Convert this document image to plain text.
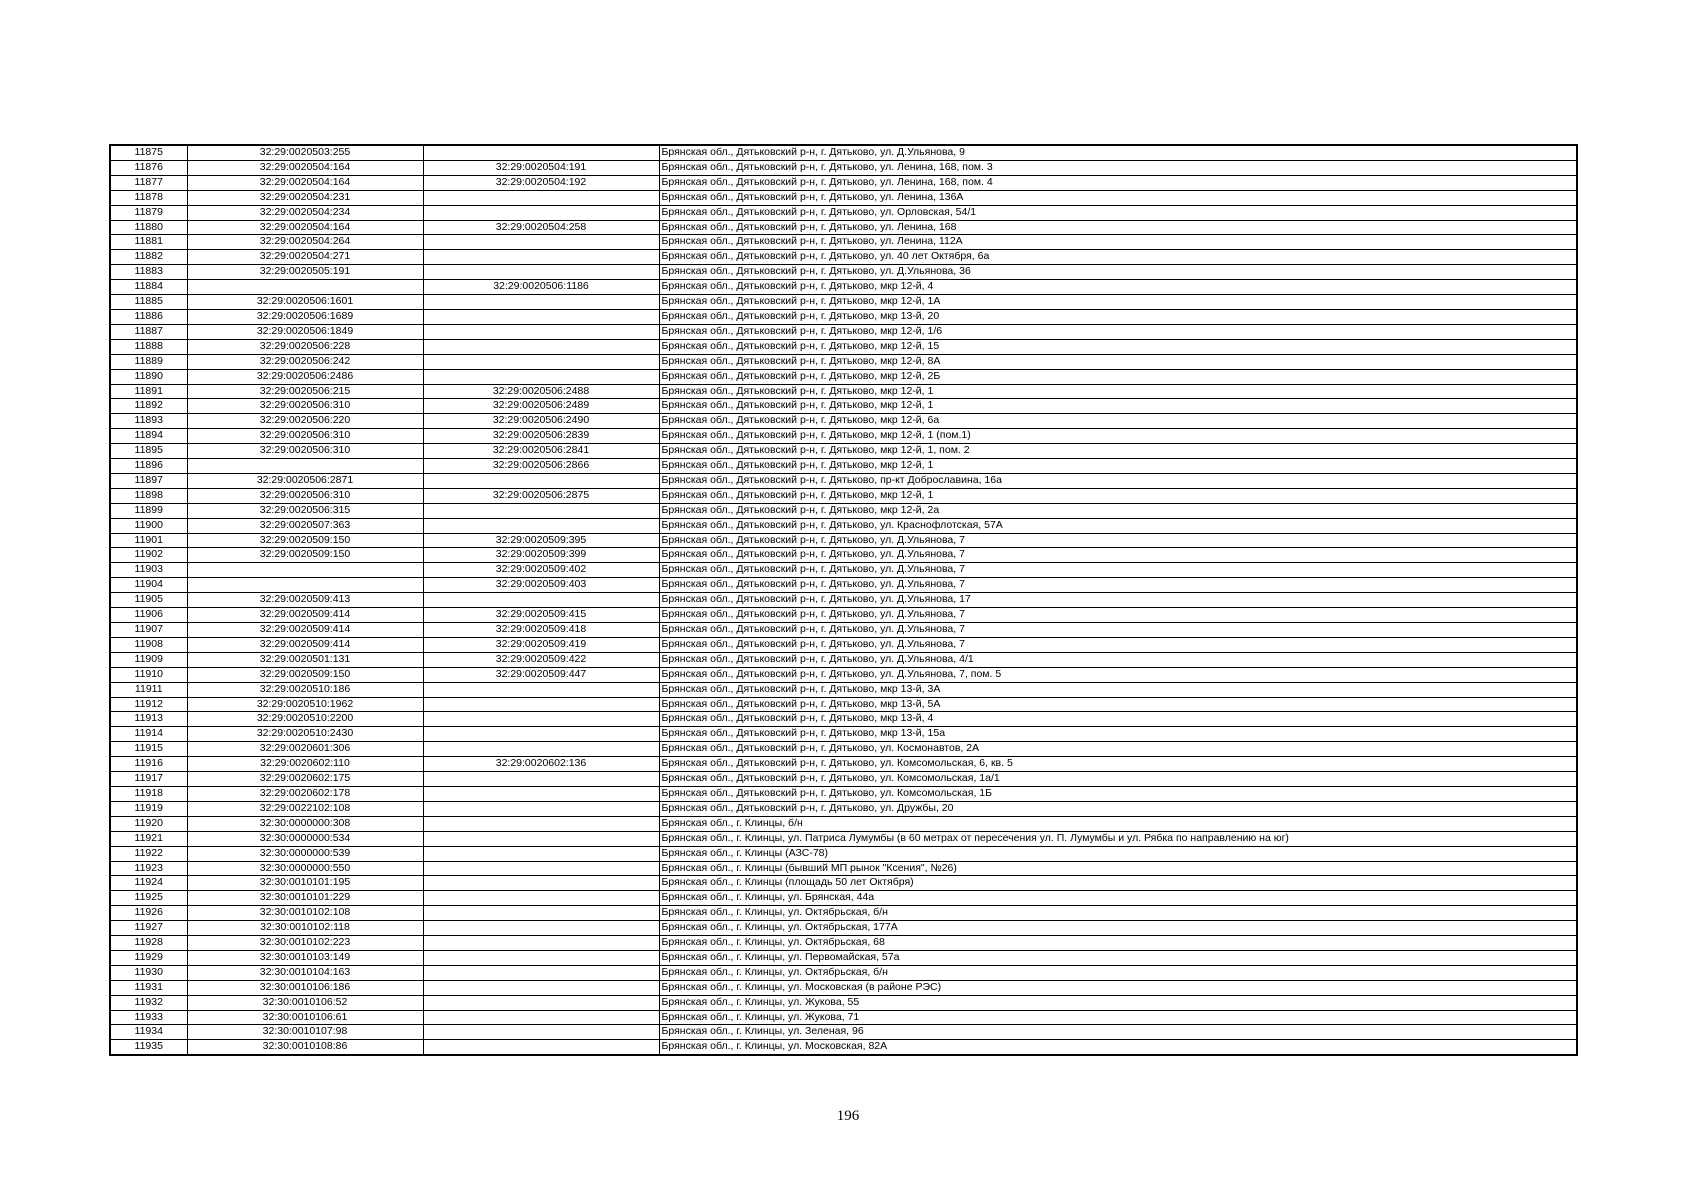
11875	32:29:0020503:255		Брянская обл., Дятьковский р-н, г. Дятьково, ул. Д.Ульянова, 9
11876	32:29:0020504:164	32:29:0020504:191	Брянская обл., Дятьковский р-н, г. Дятьково, ул. Ленина, 168, пом. 3
11877	32:29:0020504:164	32:29:0020504:192	Брянская обл., Дятьковский р-н, г. Дятьково, ул. Ленина, 168, пом. 4
11878	32:29:0020504:231		Брянская обл., Дятьковский р-н, г. Дятьково, ул. Ленина, 136А
11879	32:29:0020504:234		Брянская обл., Дятьковский р-н, г. Дятьково, ул. Орловская, 54/1
11880	32:29:0020504:164	32:29:0020504:258	Брянская обл., Дятьковский р-н, г. Дятьково, ул. Ленина, 168
11881	32:29:0020504:264		Брянская обл., Дятьковский р-н, г. Дятьково, ул. Ленина, 112А
11882	32:29:0020504:271		Брянская обл., Дятьковский р-н, г. Дятьково, ул. 40 лет Октября, 6а
11883	32:29:0020505:191		Брянская обл., Дятьковский р-н, г. Дятьково, ул. Д.Ульянова, 36
11884		32:29:0020506:1186	Брянская обл., Дятьковский р-н, г. Дятьково, мкр 12-й, 4
11885	32:29:0020506:1601		Брянская обл., Дятьковский р-н, г. Дятьково, мкр 12-й, 1А
11886	32:29:0020506:1689		Брянская обл., Дятьковский р-н, г. Дятьково, мкр 13-й, 20
11887	32:29:0020506:1849		Брянская обл., Дятьковский р-н, г. Дятьково, мкр 12-й, 1/6
11888	32:29:0020506:228		Брянская обл., Дятьковский р-н, г. Дятьково, мкр 12-й, 15
11889	32:29:0020506:242		Брянская обл., Дятьковский р-н, г. Дятьково, мкр 12-й, 8А
11890	32:29:0020506:2486		Брянская обл., Дятьковский р-н, г. Дятьково, мкр 12-й, 2Б
11891	32:29:0020506:215	32:29:0020506:2488	Брянская обл., Дятьковский р-н, г. Дятьково, мкр 12-й, 1
11892	32:29:0020506:310	32:29:0020506:2489	Брянская обл., Дятьковский р-н, г. Дятьково, мкр 12-й, 1
11893	32:29:0020506:220	32:29:0020506:2490	Брянская обл., Дятьковский р-н, г. Дятьково, мкр 12-й, 6а
11894	32:29:0020506:310	32:29:0020506:2839	Брянская обл., Дятьковский р-н, г. Дятьково, мкр 12-й, 1 (пом.1)
11895	32:29:0020506:310	32:29:0020506:2841	Брянская обл., Дятьковский р-н, г. Дятьково, мкр 12-й, 1, пом. 2
11896		32:29:0020506:2866	Брянская обл., Дятьковский р-н, г. Дятьково, мкр 12-й, 1
11897	32:29:0020506:2871		Брянская обл., Дятьковский р-н, г. Дятьково, пр-кт Доброславина, 16а
11898	32:29:0020506:310	32:29:0020506:2875	Брянская обл., Дятьковский р-н, г. Дятьково, мкр 12-й, 1
11899	32:29:0020506:315		Брянская обл., Дятьковский р-н, г. Дятьково, мкр 12-й, 2а
11900	32:29:0020507:363		Брянская обл., Дятьковский р-н, г. Дятьково, ул. Краснофлотская, 57А
11901	32:29:0020509:150	32:29:0020509:395	Брянская обл., Дятьковский р-н, г. Дятьково, ул. Д.Ульянова, 7
11902	32:29:0020509:150	32:29:0020509:399	Брянская обл., Дятьковский р-н, г. Дятьково, ул. Д.Ульянова, 7
11903		32:29:0020509:402	Брянская обл., Дятьковский р-н, г. Дятьково, ул. Д.Ульянова, 7
11904		32:29:0020509:403	Брянская обл., Дятьковский р-н, г. Дятьково, ул. Д.Ульянова, 7
11905	32:29:0020509:413		Брянская обл., Дятьковский р-н, г. Дятьково, ул. Д.Ульянова, 17
11906	32:29:0020509:414	32:29:0020509:415	Брянская обл., Дятьковский р-н, г. Дятьково, ул. Д.Ульянова, 7
11907	32:29:0020509:414	32:29:0020509:418	Брянская обл., Дятьковский р-н, г. Дятьково, ул. Д.Ульянова, 7
11908	32:29:0020509:414	32:29:0020509:419	Брянская обл., Дятьковский р-н, г. Дятьково, ул. Д.Ульянова, 7
11909	32:29:0020501:131	32:29:0020509:422	Брянская обл., Дятьковский р-н, г. Дятьково, ул. Д.Ульянова, 4/1
11910	32:29:0020509:150	32:29:0020509:447	Брянская обл., Дятьковский р-н, г. Дятьково, ул. Д.Ульянова, 7, пом. 5
11911	32:29:0020510:186		Брянская обл., Дятьковский р-н, г. Дятьково, мкр 13-й, 3А
11912	32:29:0020510:1962		Брянская обл., Дятьковский р-н, г. Дятьково, мкр 13-й, 5А
11913	32:29:0020510:2200		Брянская обл., Дятьковский р-н, г. Дятьково, мкр 13-й, 4
11914	32:29:0020510:2430		Брянская обл., Дятьковский р-н, г. Дятьково, мкр 13-й, 15а
11915	32:29:0020601:306		Брянская обл., Дятьковский р-н, г. Дятьково, ул. Космонавтов, 2А
11916	32:29:0020602:110	32:29:0020602:136	Брянская обл., Дятьковский р-н, г. Дятьково, ул. Комсомольская, 6, кв. 5
11917	32:29:0020602:175		Брянская обл., Дятьковский р-н, г. Дятьково, ул. Комсомольская, 1а/1
11918	32:29:0020602:178		Брянская обл., Дятьковский р-н, г. Дятьково, ул. Комсомольская, 1Б
11919	32:29:0022102:108		Брянская обл., Дятьковский р-н, г. Дятьково, ул. Дружбы, 20
11920	32:30:0000000:308		Брянская обл., г. Клинцы, б/н
11921	32:30:0000000:534		Брянская обл., г. Клинцы, ул. Патриса Лумумбы (в 60 метрах от пересечения ул. П. Лумумбы и ул. Рябка по направлению на юг)
11922	32:30:0000000:539		Брянская обл., г. Клинцы (АЗС-78)
11923	32:30:0000000:550		Брянская обл., г. Клинцы (бывший МП рынок "Ксения", №26)
11924	32:30:0010101:195		Брянская обл., г. Клинцы (площадь 50 лет Октября)
11925	32:30:0010101:229		Брянская обл., г. Клинцы, ул. Брянская, 44а
11926	32:30:0010102:108		Брянская обл., г. Клинцы, ул. Октябрьская, б/н
11927	32:30:0010102:118		Брянская обл., г. Клинцы, ул. Октябрьская, 177А
11928	32:30:0010102:223		Брянская обл., г. Клинцы, ул. Октябрьская, 68
11929	32:30:0010103:149		Брянская обл., г. Клинцы, ул. Первомайская, 57а
11930	32:30:0010104:163		Брянская обл., г. Клинцы, ул. Октябрьская, б/н
11931	32:30:0010106:186		Брянская обл., г. Клинцы, ул. Московская (в районе РЭС)
11932	32:30:0010106:52		Брянская обл., г. Клинцы, ул. Жукова, 55
11933	32:30:0010106:61		Брянская обл., г. Клинцы, ул. Жукова, 71
11934	32:30:0010107:98		Брянская обл., г. Клинцы, ул. Зеленая, 96
11935	32:30:0010108:86		Брянская обл., г. Клинцы, ул. Московская, 82А
196
